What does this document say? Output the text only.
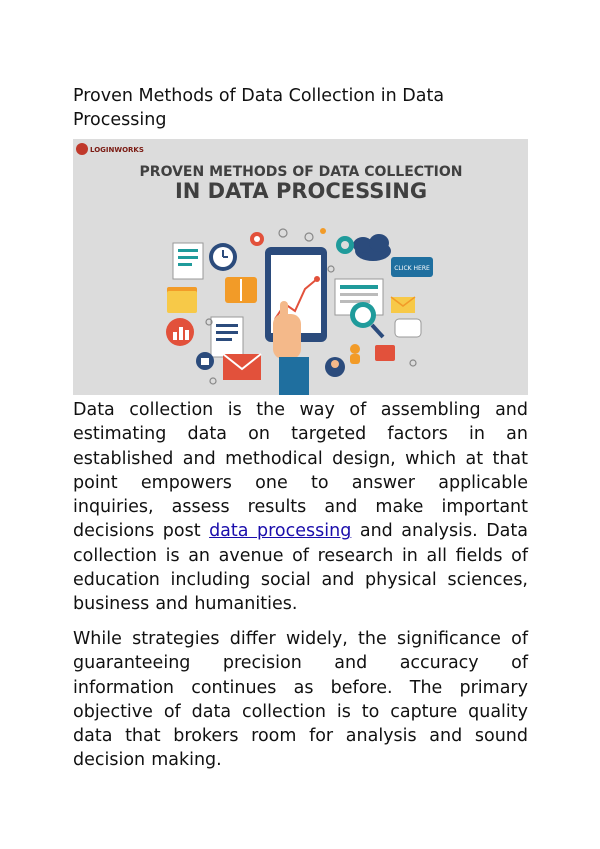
Proven Methods of Data Collection in Data Processing
LOGINWORKS
PROVEN METHODS OF DATA COLLECTION
IN DATA PROCESSING
CLICK HERE

Data collection is the way of assembling and estimating data on targeted factors in an established and methodical design, which at that point empowers one to answer applicable inquiries, assess results and make important decisions post data processing and analysis. Data collection is an avenue of research in all fields of education including social and physical sciences, business and humanities.

While strategies differ widely, the significance of guaranteeing precision and accuracy of information continues as before. The primary objective of data collection is to capture quality data that brokers room for analysis and sound decision making.
